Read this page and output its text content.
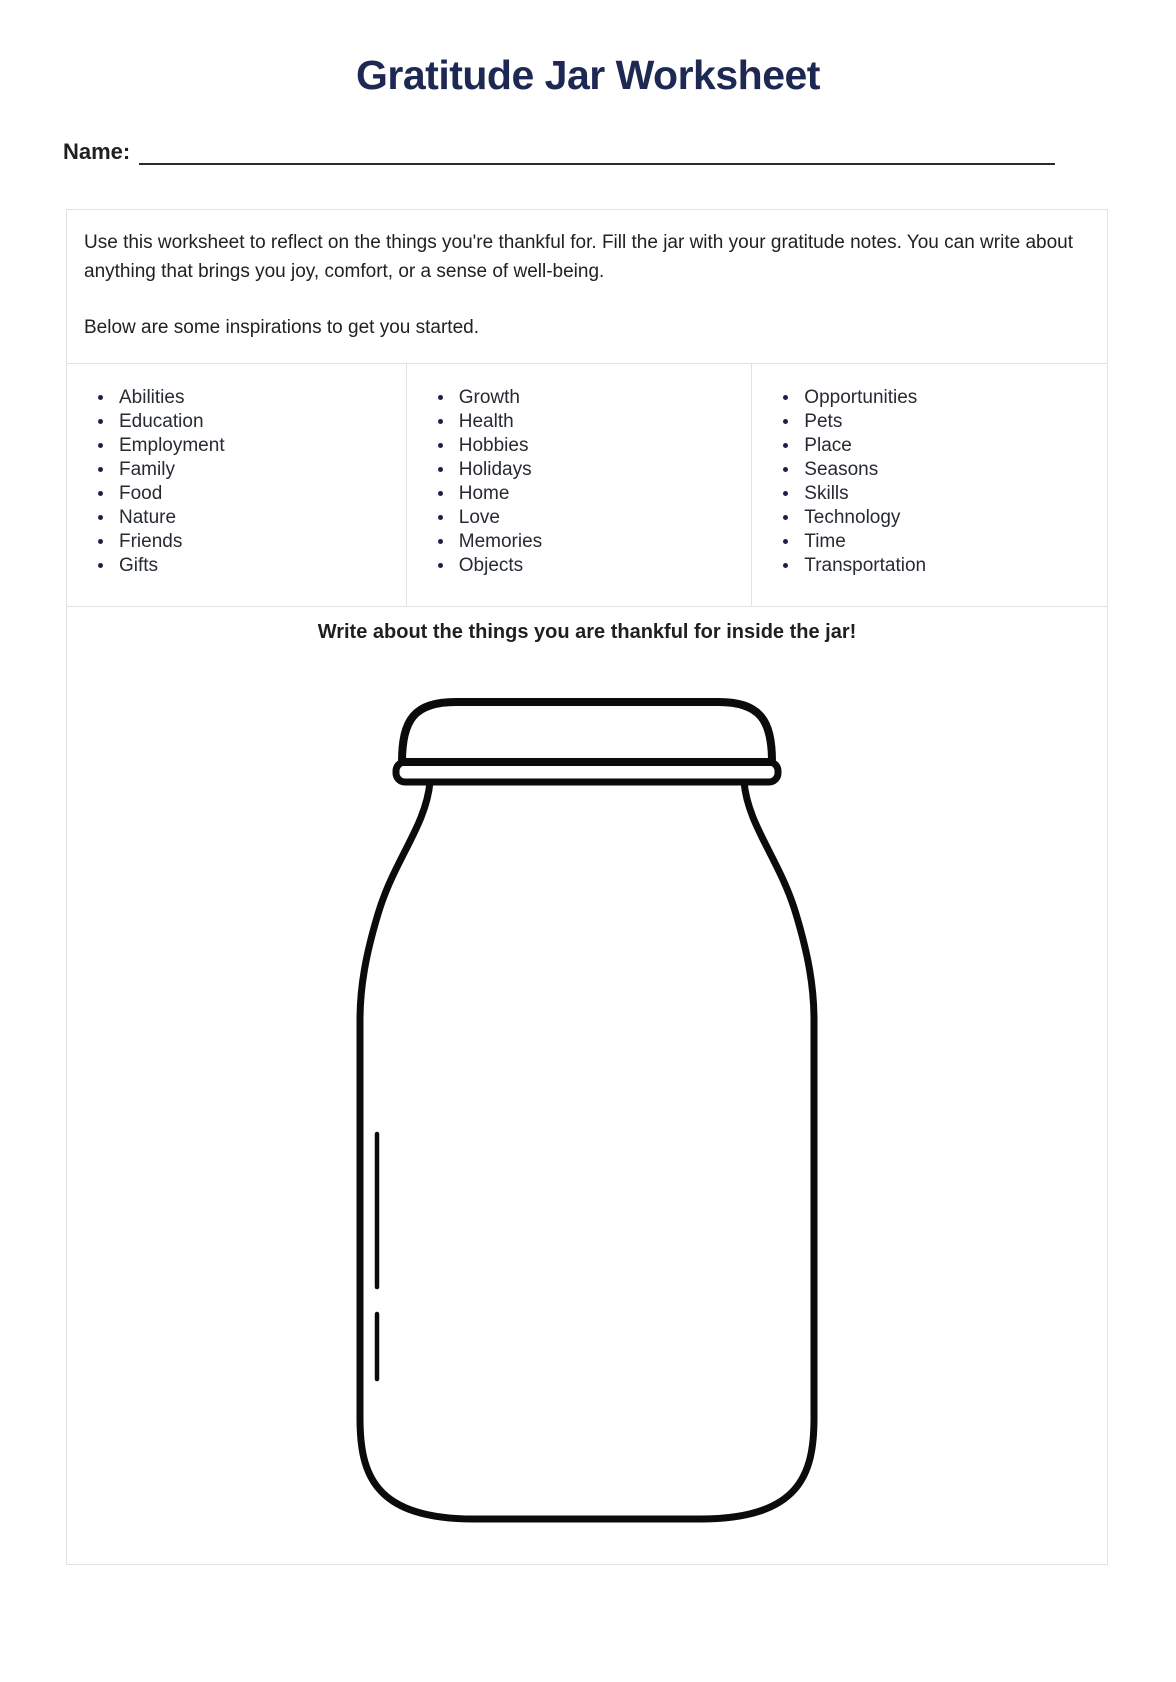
Gratitude Jar Worksheet
Name:

Use this worksheet to reflect on the things you're thankful for. Fill the jar with your gratitude notes. You can write about anything that brings you joy, comfort, or a sense of well-being.

Below are some inspirations to get you started.

• Abilities
• Education
• Employment
• Family
• Food
• Nature
• Friends
• Gifts
• Growth
• Health
• Hobbies
• Holidays
• Home
• Love
• Memories
• Objects
• Opportunities
• Pets
• Place
• Seasons
• Skills
• Technology
• Time
• Transportation
Write about the things you are thankful for inside the jar!
